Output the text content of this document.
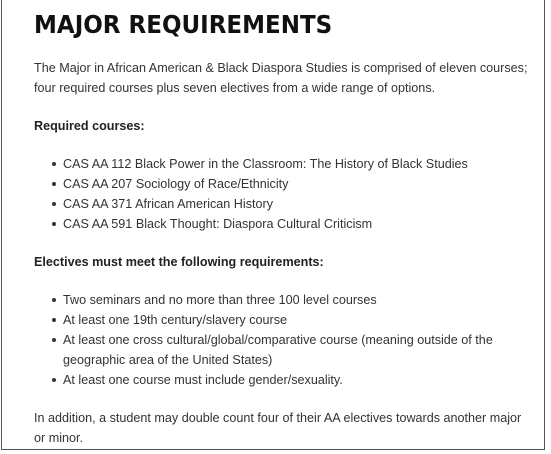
MAJOR REQUIREMENTS

The Major in African American & Black Diaspora Studies is comprised of eleven courses; four required courses plus seven electives from a wide range of options.

Required courses:

CAS AA 112 Black Power in the Classroom: The History of Black Studies
CAS AA 207 Sociology of Race/Ethnicity
CAS AA 371 African American History
CAS AA 591 Black Thought: Diaspora Cultural Criticism

Electives must meet the following requirements:

Two seminars and no more than three 100 level courses
At least one 19th century/slavery course
At least one cross cultural/global/comparative course (meaning outside of the geographic area of the United States)
At least one course must include gender/sexuality.

In addition, a student may double count four of their AA electives towards another major or minor.
